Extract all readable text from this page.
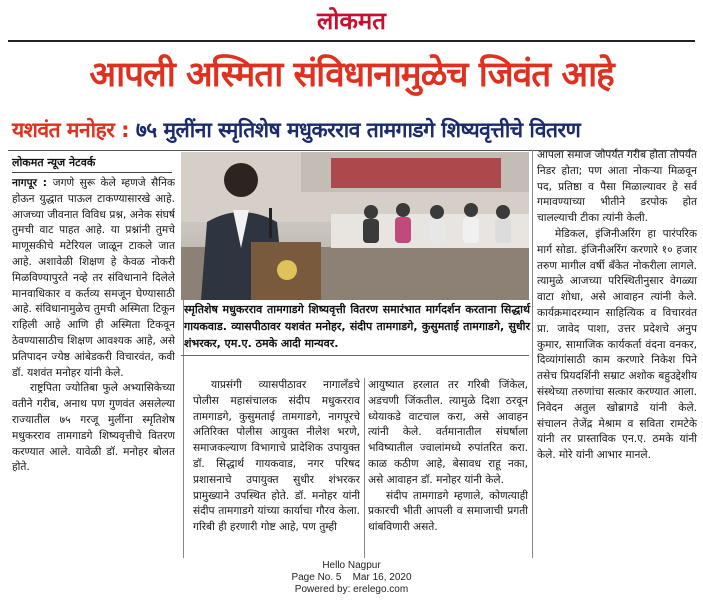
लोकमत
आपली अस्मिता संविधानामुळेच जिवंत आहे
यशवंत मनोहर : ७५ मुलींना स्मृतिशेष मधुकरराव तामगाडगे शिष्यवृत्तीचे वितरण
लोकमत न्यूज नेटवर्क

नागपूर : जगणे सुरू केले म्हणजे सैनिक होऊन युद्धात पाऊल टाकण्यासारखे आहे. आजच्या जीवनात विविध प्रश्न, अनेक संघर्ष तुमची वाट पाहत आहे. या प्रश्नांनी तुमचे माणूसकीचे मटेरियल जाळून टाकले जात आहे. अशावेळी शिक्षण हे केवळ नोकरी मिळविण्यापुरते नव्हे तर संविधानाने दिलेले मानवाधिकार व कर्तव्य समजून घेण्यासाठी आहे. संविधानामुळेच तुमची अस्मिता टिकून राहिली आहे आणि ही अस्मिता टिकवून ठेवण्यासाठीच शिक्षण आवश्यक आहे, असे प्रतिपादन ज्येष्ठ आंबेडकरी विचारवंत, कवी डॉ. यशवंत मनोहर यांनी केले.

राष्ट्रपिता ज्योतिबा फुले अभ्यासिकेच्या वतीने गरीब, अनाथ पण गुणवंत असलेल्या राज्यातील ७५ गरजू मुलींना स्मृतिशेष मधुकरराव तामगाडगे शिष्यवृत्तीचे वितरण करण्यात आले. यावेळी डॉ. मनोहर बोलत होते.

स्मृतिशेष मधुकरराव तामगाडगे शिष्यवृत्ती वितरण समारंभात मार्गदर्शन करताना सिद्धार्थ गायकवाड. व्यासपीठावर यशवंत मनोहर, संदीप तामगाडगे, कुसुमताई तामगाडगे, सुधीर शंभरकर, एम.ए. ठमके आदी मान्यवर.

याप्रसंगी व्यासपीठावर नागालँडचे पोलीस महासंचालक संदीप मधुकरराव तामगाडगे, कुसुमताई तामगाडगे, नागपूरचे अतिरिक्त पोलीस आयुक्त नीलेश भरणे, समाजकल्याण विभागाचे प्रादेशिक उपायुक्त डॉ. सिद्धार्थ गायकवाड, नगर परिषद प्रशासनाचे उपायुक्त सुधीर शंभरकर प्रामुख्याने उपस्थित होते. डॉ. मनोहर यांनी संदीप तामगाडगे यांच्या कार्याचा गौरव केला. गरिबी ही हरणारी गोष्ट आहे, पण तुम्ही

आयुष्यात हरलात तर गरिबी जिंकेल, अडचणी जिंकतील. त्यामुळे दिशा ठरवून ध्येयाकडे वाटचाल करा, असे आवाहन त्यांनी केले. वर्तमानातील संघर्षाला भविष्यातील ज्वालांमध्ये रुपांतरित करा. काळ कठीण आहे, बेसावध राहू नका, असे आवाहन डॉ. मनोहर यांनी केले.

संदीप तामगाडगे म्हणाले, कोणत्याही प्रकारची भीती आपली व समाजाची प्रगती थांबविणारी असते.

आपला समाज जोपर्यंत गरीब होता तोपर्यंत निडर होता; पण आता नोकऱ्या मिळवून पद, प्रतिष्ठा व पैसा मिळाल्यावर हे सर्व गमावण्याच्या भीतीने डरपोक होत चालल्याची टीका त्यांनी केली.

मेडिकल, इंजिनीअरिंग हा पारंपरिक मार्ग सोडा. इंजिनीअरिंग करणारे १० हजार तरुण मागील वर्षी बँकेत नोकरीला लागले. त्यामुळे आजच्या परिस्थितीनुसार वेगळ्या वाटा शोधा, असे आवाहन त्यांनी केले. कार्यक्रमादरम्यान साहित्यिक व विचारवंत प्रा. जावेद पाशा, उत्तर प्रदेशचे अनुप कुमार, सामाजिक कार्यकर्ता वंदना वनकर, दिव्यांगांसाठी काम करणारे निकेश पिने तसेच प्रियदर्शिनी सम्राट अशोक बहुउद्देशीय संस्थेच्या तरुणांचा सत्कार करण्यात आला. निवेदन अतुल खोब्रागडे यांनी केले. संचालन तेजेंद्र मेश्राम व सविता रामटेके यांनी तर प्रास्ताविक एन.ए. ठमके यांनी केले. मोरे यांनी आभार मानले.

Hello Nagpur
Page No. 5    Mar 16, 2020
Powered by: erelego.com
